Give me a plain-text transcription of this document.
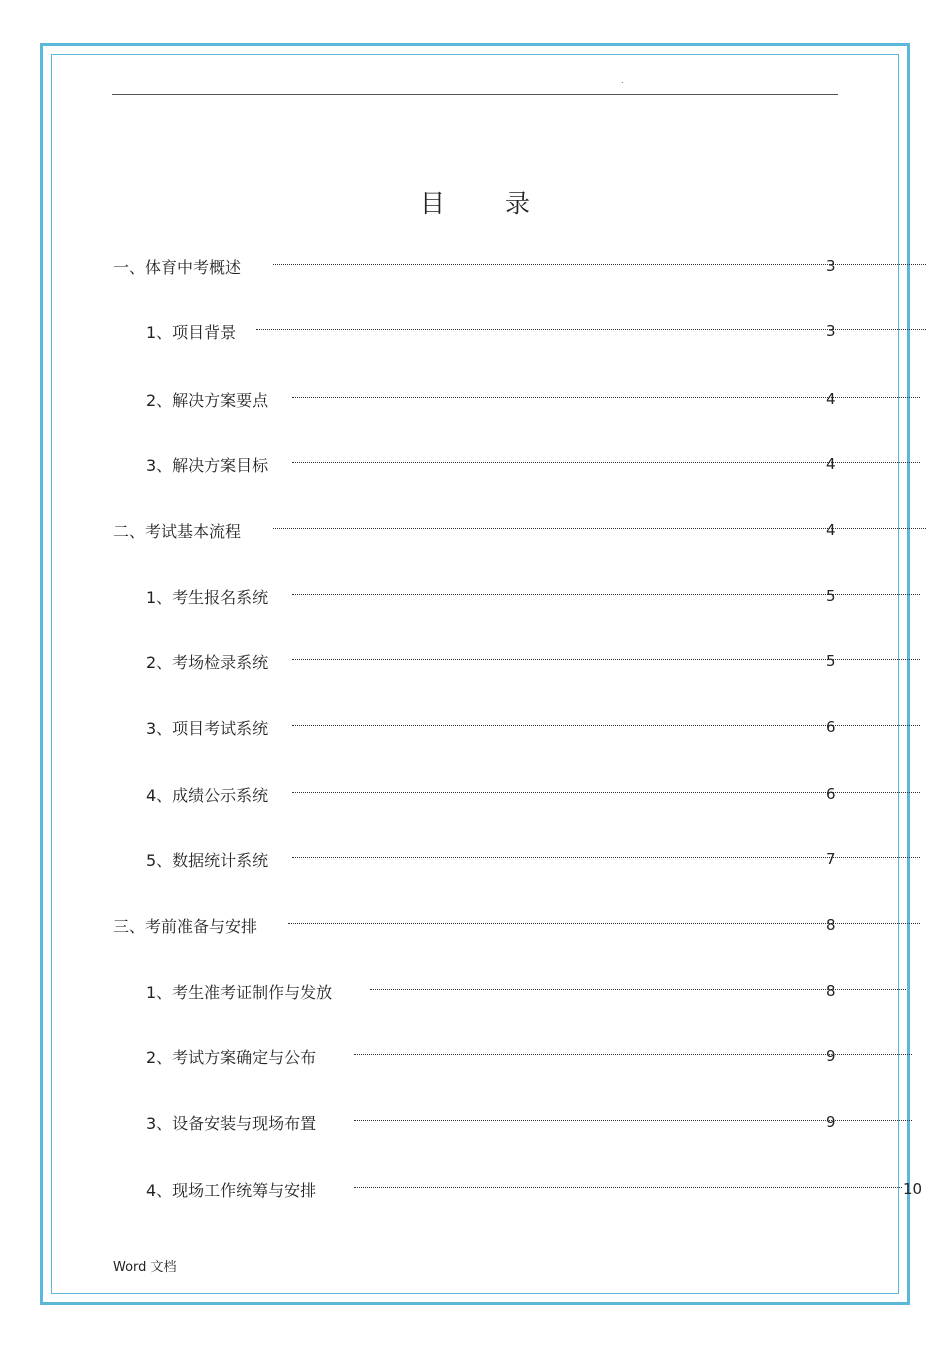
.
目 录
一、体育中考概述	3
1、项目背景	3
2、解决方案要点	4
3、解决方案目标	4
二、考试基本流程	4
1、考生报名系统	5
2、考场检录系统	5
3、项目考试系统	6
4、成绩公示系统	6
5、数据统计系统	7
三、考前准备与安排	8
1、考生准考证制作与发放	8
2、考试方案确定与公布	9
3、设备安装与现场布置	9
4、现场工作统筹与安排	10
Word 文档
